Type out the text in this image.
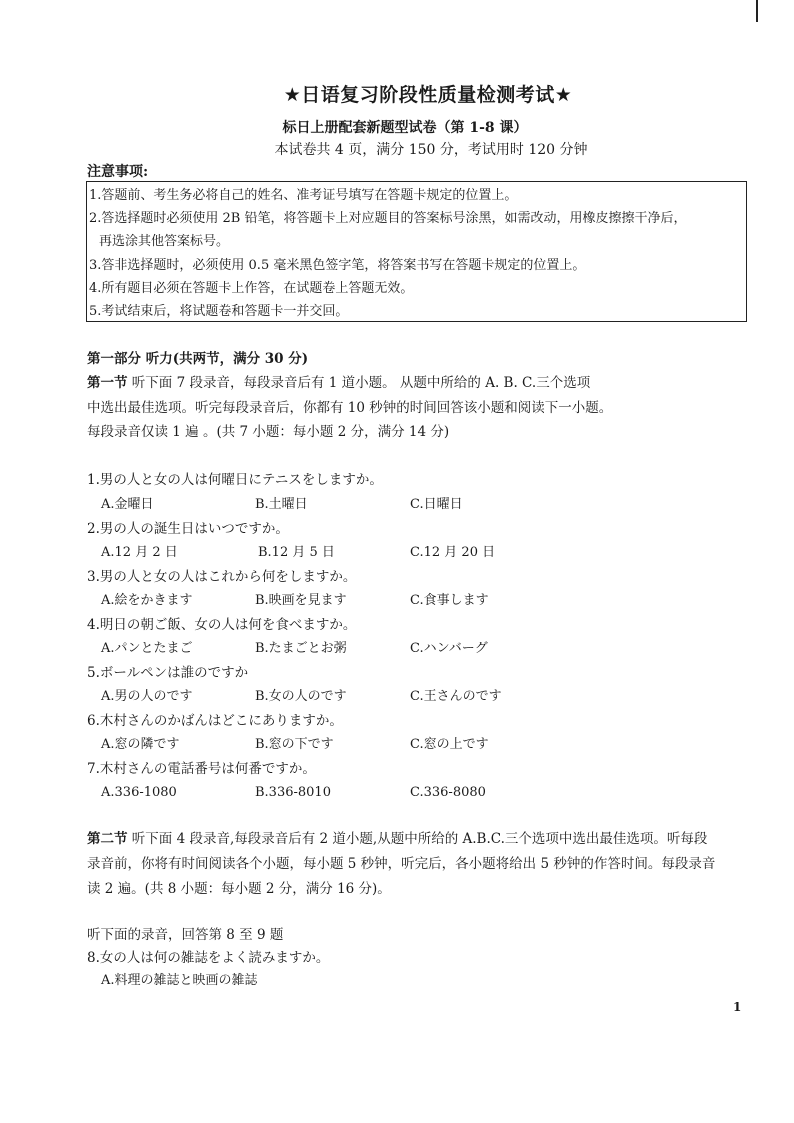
★日语复习阶段性质量检测考试★
标日上册配套新题型试卷（第 1-8 课）
本试卷共 4 页，满分 150 分，考试用时 120 分钟
注意事项:
1.答题前、考生务必将自己的姓名、准考证号填写在答题卡规定的位置上。
2.答选择题时必须使用 2B 铅笔，将答题卡上对应题目的答案标号涂黑，如需改动，用橡皮擦擦干净后，
再选涂其他答案标号。
3.答非选择题时，必须使用 0.5 毫米黑色签字笔，将答案书写在答题卡规定的位置上。
4.所有题目必须在答题卡上作答，在试题卷上答题无效。
5.考试结束后，将试题卷和答题卡一并交回。
第一部分 听力(共两节，满分 30 分)
第一节 听下面 7 段录音，每段录音后有 1 道小题。 从题中所给的 A. B. C.三个选项
中选出最佳选项。听完每段录音后，你都有 10 秒钟的时间回答该小题和阅读下一小题。
每段录音仅读 1 遍 。(共 7 小题：每小题 2 分，满分 14 分)
1.男の人と女の人は何曜日にテニスをしますか。
A.金曜日	B.土曜日	C.日曜日
2.男の人の誕生日はいつですか。
A.12 月 2 日	B.12 月 5 日	C.12 月 20 日
3.男の人と女の人はこれから何をしますか。
A.絵をかきます	B.映画を見ます	C.食事します
4.明日の朝ご飯、女の人は何を食べますか。
A.パンとたまご	B.たまごとお粥	C.ハンバーグ
5.ボールペンは誰のですか
A.男の人のです	B.女の人のです	C.王さんのです
6.木村さんのかばんはどこにありますか。
A.窓の隣です	B.窓の下です	C.窓の上です
7.木村さんの電話番号は何番ですか。
A.336-1080	B.336-8010	C.336-8080
第二节 听下面 4 段录音,每段录音后有 2 道小题,从题中所给的 A.B.C.三个选项中选出最佳选项。听每段
录音前，你将有时间阅读各个小题，每小题 5 秒钟，听完后，各小题将给出 5 秒钟的作答时间。每段录音
读 2 遍。(共 8 小题：每小题 2 分，满分 16 分)。
听下面的录音，回答第 8 至 9 题
8.女の人は何の雑誌をよく読みますか。
A.料理の雑誌と映画の雑誌
1
